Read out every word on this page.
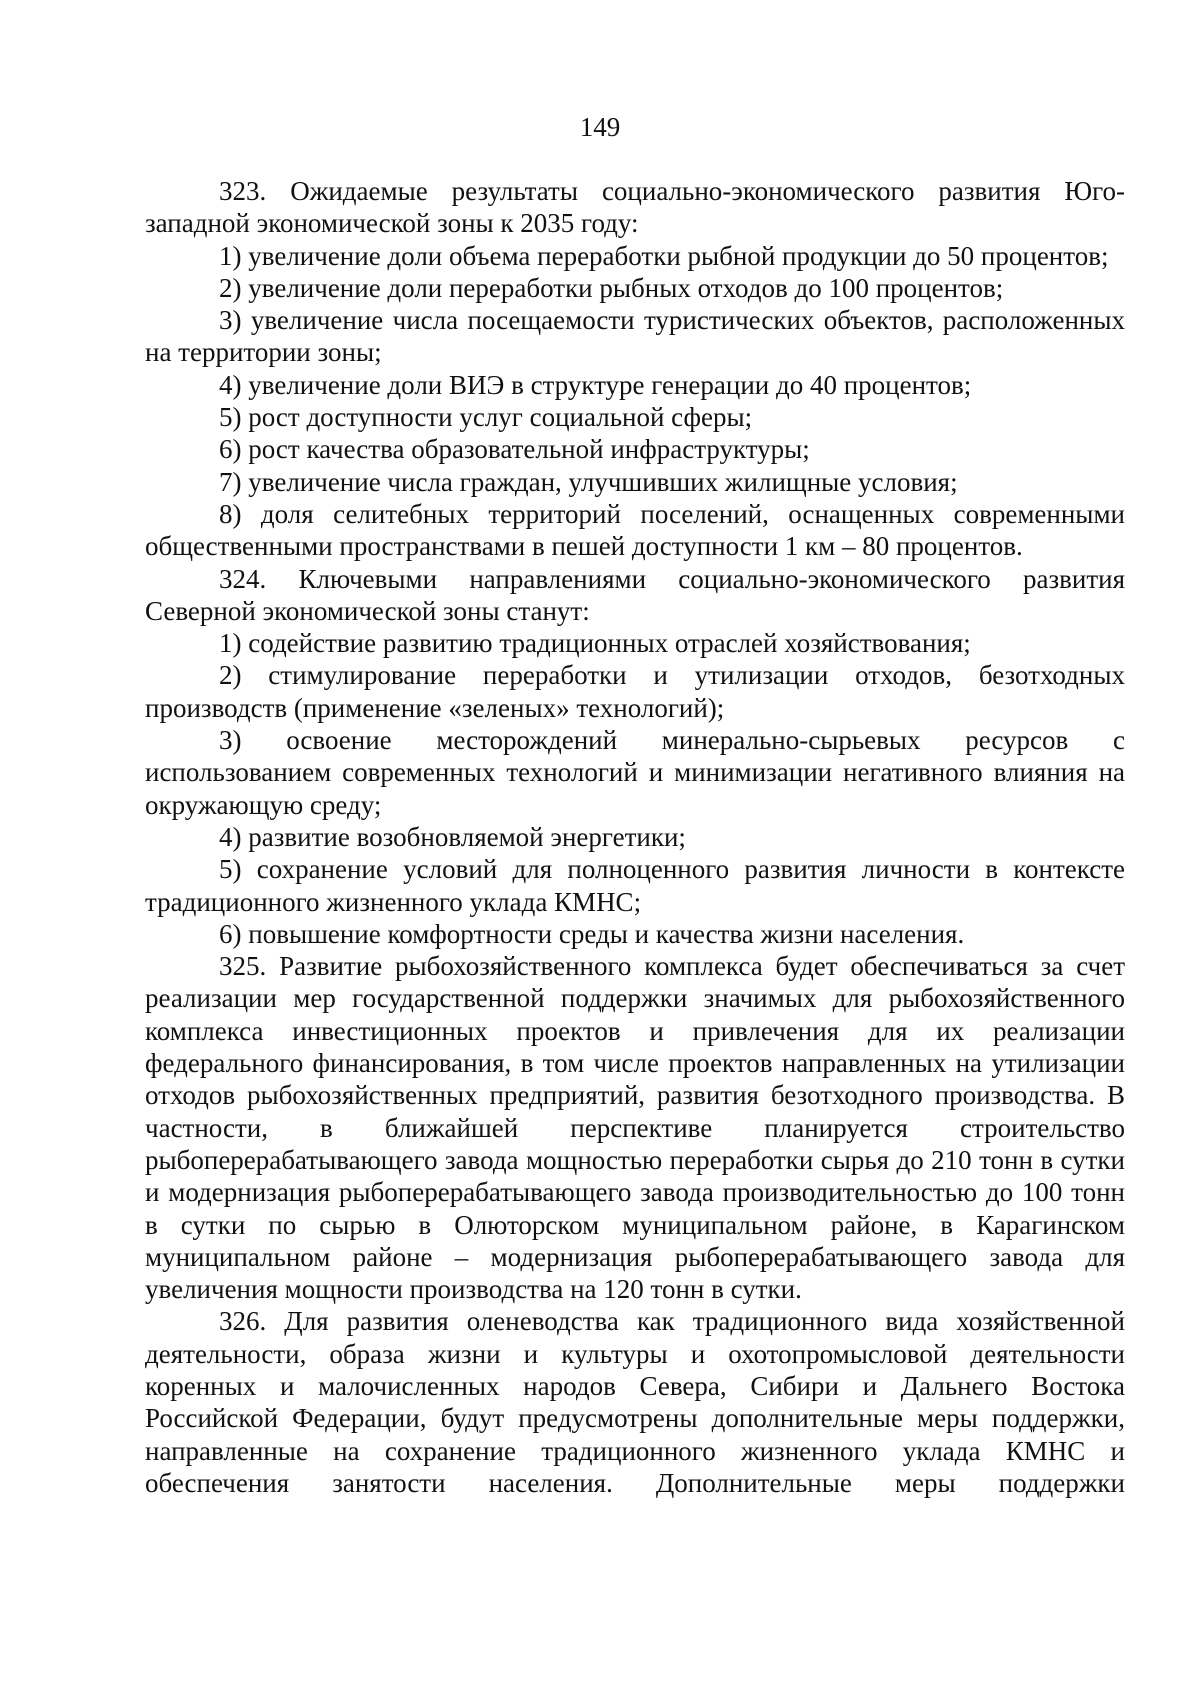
149

323. Ожидаемые результаты социально-экономического развития Юго-западной экономической зоны к 2035 году:

1) увеличение доли объема переработки рыбной продукции до 50 процентов;

2) увеличение доли переработки рыбных отходов до 100 процентов;

3) увеличение числа посещаемости туристических объектов, расположенных на территории зоны;

4) увеличение доли ВИЭ в структуре генерации до 40 процентов;

5) рост доступности услуг социальной сферы;

6) рост качества образовательной инфраструктуры;

7) увеличение числа граждан, улучшивших жилищные условия;

8) доля селитебных территорий поселений, оснащенных современными общественными пространствами в пешей доступности 1 км – 80 процентов.

324. Ключевыми направлениями социально-экономического развития Северной экономической зоны станут:

1) содействие развитию традиционных отраслей хозяйствования;

2) стимулирование переработки и утилизации отходов, безотходных производств (применение «зеленых» технологий);

3) освоение месторождений минерально-сырьевых ресурсов с использованием современных технологий и минимизации негативного влияния на окружающую среду;

4) развитие возобновляемой энергетики;

5) сохранение условий для полноценного развития личности в контексте традиционного жизненного уклада КМНС;

6) повышение комфортности среды и качества жизни населения.

325. Развитие рыбохозяйственного комплекса будет обеспечиваться за счет реализации мер государственной поддержки значимых для рыбохозяйственного комплекса инвестиционных проектов и привлечения для их реализации федерального финансирования, в том числе проектов направленных на утилизации отходов рыбохозяйственных предприятий, развития безотходного производства. В частности, в ближайшей перспективе планируется строительство рыбоперерабатывающего завода мощностью переработки сырья до 210 тонн в сутки и модернизация рыбоперерабатывающего завода производительностью до 100 тонн в сутки по сырью в Олюторском муниципальном районе, в Карагинском муниципальном районе – модернизация рыбоперерабатывающего завода для увеличения мощности производства на 120 тонн в сутки.

326. Для развития оленеводства как традиционного вида хозяйственной деятельности, образа жизни и культуры и охотопромысловой деятельности коренных и малочисленных народов Севера, Сибири и Дальнего Востока Российской Федерации, будут предусмотрены дополнительные меры поддержки, направленные на сохранение традиционного жизненного уклада КМНС и обеспечения занятости населения. Дополнительные меры поддержки
